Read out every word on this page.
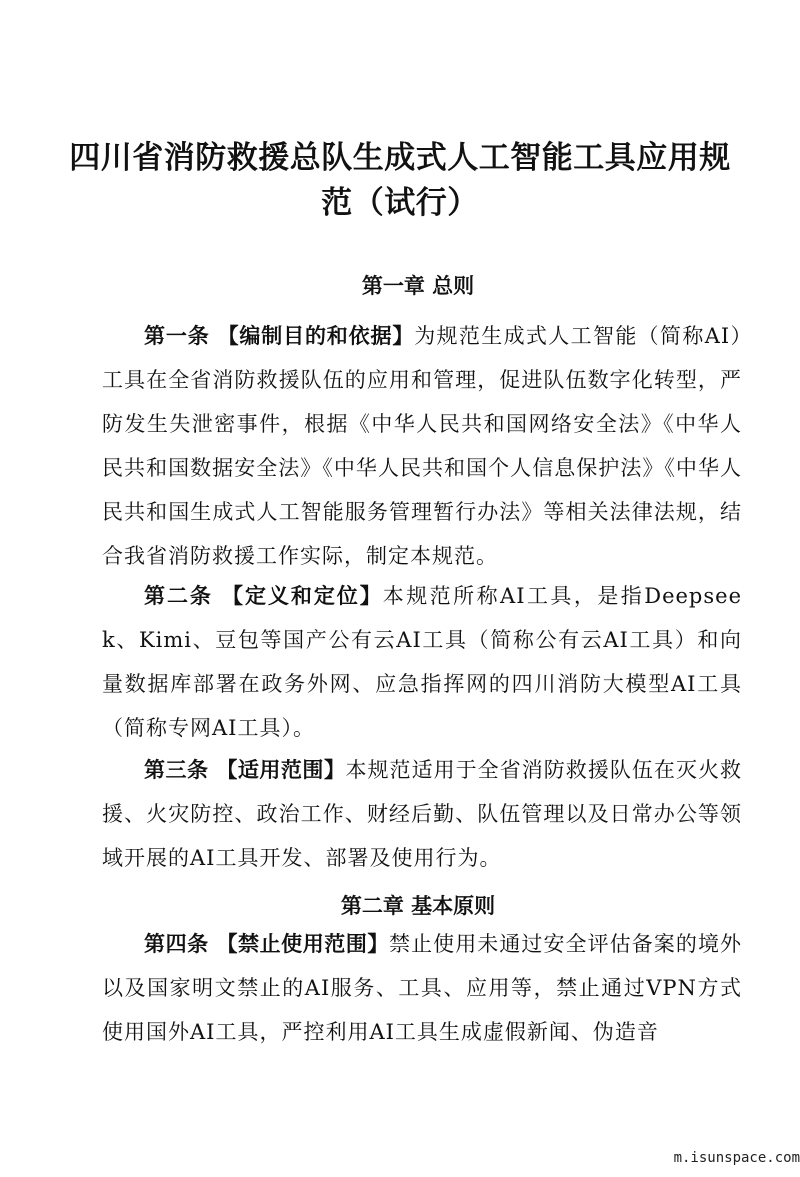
四川省消防救援总队生成式人工智能工具应用规范（试行）
第一章 总则

第一条 【编制目的和依据】为规范生成式人工智能（简称AI）工具在全省消防救援队伍的应用和管理，促进队伍数字化转型，严防发生失泄密事件，根据《中华人民共和国网络安全法》《中华人民共和国数据安全法》《中华人民共和国个人信息保护法》《中华人民共和国生成式人工智能服务管理暂行办法》等相关法律法规，结合我省消防救援工作实际，制定本规范。

第二条 【定义和定位】本规范所称AI工具，是指Deepseek、Kimi、豆包等国产公有云AI工具（简称公有云AI工具）和向量数据库部署在政务外网、应急指挥网的四川消防大模型AI工具（简称专网AI工具）。

第三条 【适用范围】本规范适用于全省消防救援队伍在灭火救援、火灾防控、政治工作、财经后勤、队伍管理以及日常办公等领域开展的AI工具开发、部署及使用行为。

第二章 基本原则

第四条 【禁止使用范围】禁止使用未通过安全评估备案的境外以及国家明文禁止的AI服务、工具、应用等，禁止通过VPN方式使用国外AI工具，严控利用AI工具生成虚假新闻、伪造音

m.isunspace.com
